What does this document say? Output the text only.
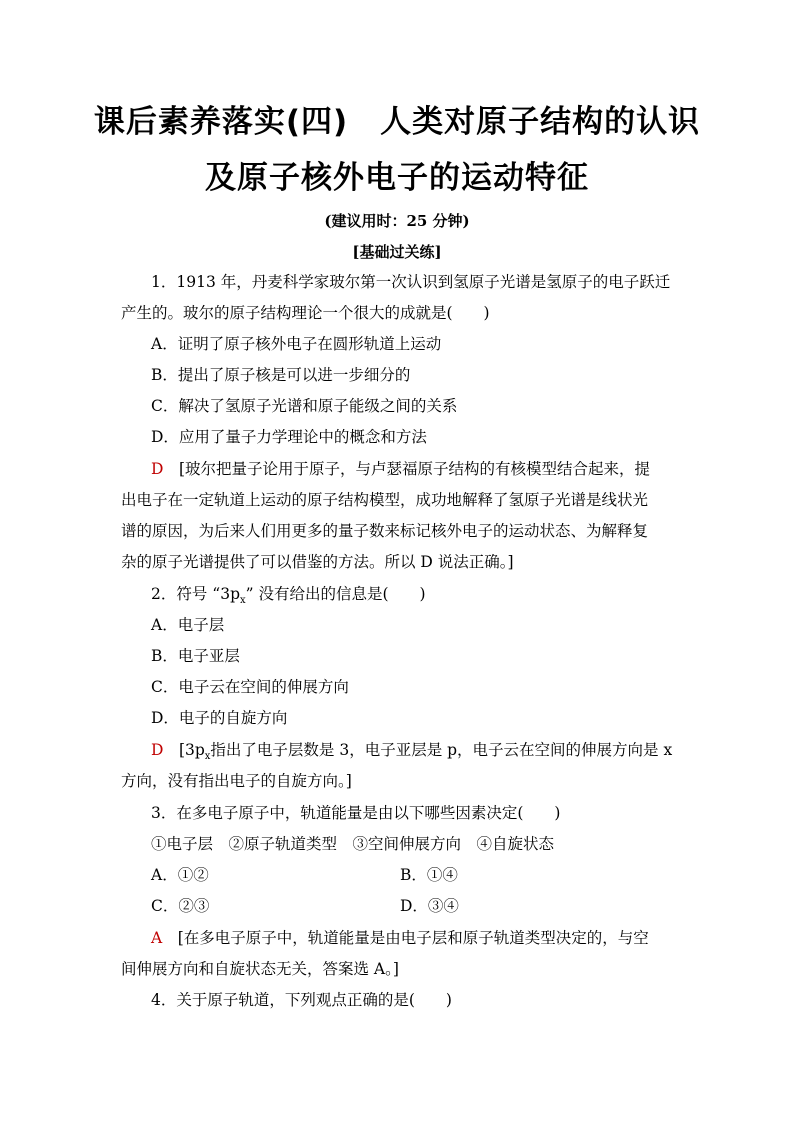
课后素养落实(四)　人类对原子结构的认识
及原子核外电子的运动特征
(建议用时：25 分钟)
[基础过关练]
1．1913 年，丹麦科学家玻尔第一次认识到氢原子光谱是氢原子的电子跃迁
产生的。玻尔的原子结构理论一个很大的成就是(　　)
A．证明了原子核外电子在圆形轨道上运动
B．提出了原子核是可以进一步细分的
C．解决了氢原子光谱和原子能级之间的关系
D．应用了量子力学理论中的概念和方法
D  [玻尔把量子论用于原子，与卢瑟福原子结构的有核模型结合起来，提
出电子在一定轨道上运动的原子结构模型，成功地解释了氢原子光谱是线状光
谱的原因，为后来人们用更多的量子数来标记核外电子的运动状态、为解释复
杂的原子光谱提供了可以借鉴的方法。所以 D 说法正确。]
2．符号 “$3p_x$” 没有给出的信息是(　　)
A．电子层
B．电子亚层
C．电子云在空间的伸展方向
D．电子的自旋方向
D  [$3p_x$指出了电子层数是 3，电子亚层是 p，电子云在空间的伸展方向是 x
方向，没有指出电子的自旋方向。]
3．在多电子原子中，轨道能量是由以下哪些因素决定(　　)
①电子层　②原子轨道类型　③空间伸展方向　④自旋状态
A．①②	B．①④
C．②③	D．③④
A  [在多电子原子中，轨道能量是由电子层和原子轨道类型决定的，与空
间伸展方向和自旋状态无关，答案选 A。]
4．关于原子轨道，下列观点正确的是(　　)
